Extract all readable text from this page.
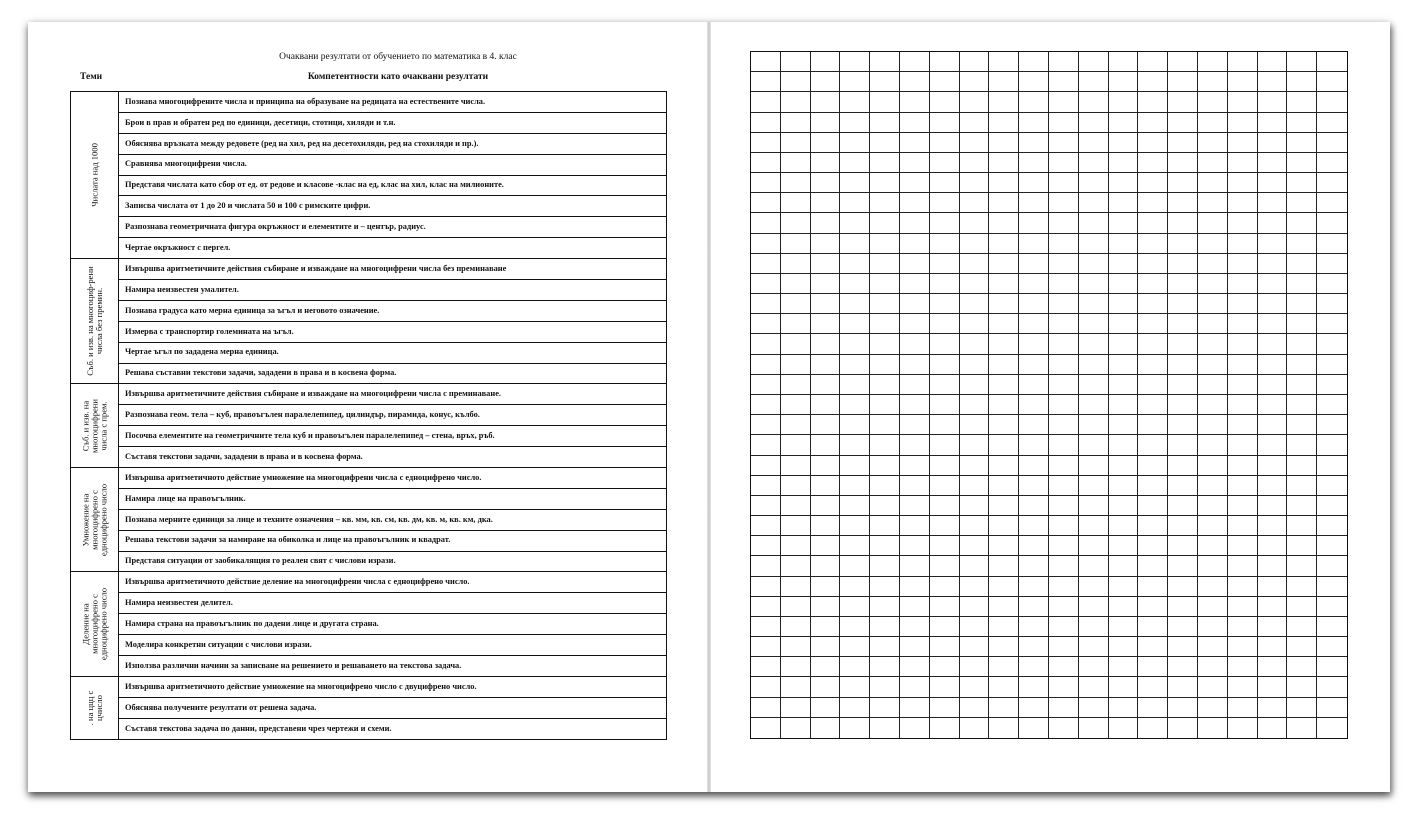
Очаквани резултати от обучението по математика в 4. клас
Теми	Компетентности като очаквани резултати
Числата над 1000	Познава многоцифрените числа и принципа на образуване на редицата на естествените числа.
	Брои в прав и обратен ред по единици, десетици, стотици, хиляди и т.н.
	Обяснява връзката между редовете (ред на хил, ред на десетохиляди, ред на стохиляди и пр.).
	Сравнява многоцифрени числа.
	Представя числата като сбор от ед. от редове и класове -клас на ед, клас на хил, клас на милионите.
	Записва числата от 1 до 20 и числата 50 и 100 с римските цифри.
	Разпознава геометричната фигура окръжност и елементите и – център, радиус.
	Чертае окръжност с пергел.

Съб. и изв. на многоциф-рени числа без премин.	Извършва аритметичните действия събиране и изваждане на многоцифрени числа без преминаване
	Намира неизвестен умалител.
	Познава градуса като мерна единица за ъгъл и неговото означение.
	Измерва с транспортир големината на ъгъл.
	Чертае ъгъл по зададена мерна единица.
	Решава съставни текстови задачи, зададени в права и в косвена форма.

Съб. и изв. на многоцифрени числа с прем.	Извършва аритметичните действия събиране и изваждане на многоцифрени числа с преминаване.
	Разпознава геом. тела – куб, правоъгълен паралелепипед, цилиндър, пирамида, конус, кълбо.
	Посочва елементите на геометричните тела куб и правоъгълен паралелепипед – стена, връх, ръб.
	Съставя текстови задачи, зададени в права и в косвена форма.

Умножение на многоцифрено с едноцифрено число	Извършва аритметичното действие умножение на многоцифрени числа с едноцифрено число.
	Намира лице на правоъгълник.
	Познава мерните единици за лице и техните означения – кв. мм, кв. см, кв. дм, кв. м, кв. км, дка.
	Решава текстови задачи за намиране на обиколка и лице на правоъгълник и квадрат.
	Представя ситуации от заобикалящия го реален свят с числови изрази.

Деление на многоцифрено с едноцифрено число	Извършва аритметичното действие деление на многоцифрени числа с едноцифрено число.
	Намира неизвестен делител.
	Намира страна на правоъгълник по дадени лице и другата страна.
	Моделира конкретни ситуации с числови изрази.
	Използва различни начини за записване на решението и решаването на текстова задача.

. на ццц с цчисло	Извършва аритметичното действие умножение на многоцифрено число с двуцифрено число.
	Обяснява получените резултати от решена задача.
	Съставя текстова задача по данни, представени чрез чертежи и схеми.
